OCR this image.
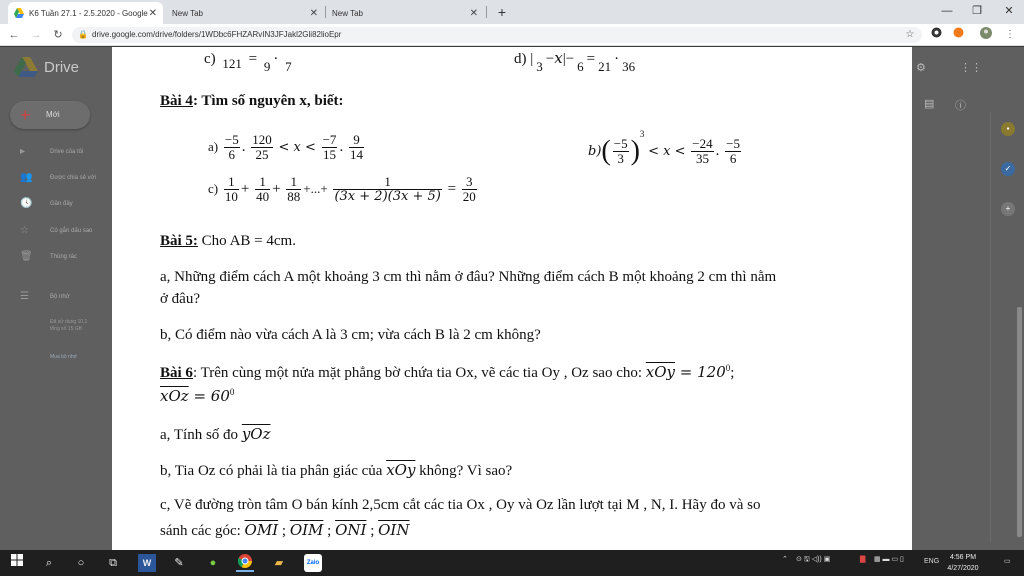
K6 Tuần 27.1 - 2.5.2020 - Google ✕ New Tab	✕ New Tab	✕	+	—	❐	✕
← →	↻	🔒 drive.google.com/drive/folders/1WDbc6FHZARvIN3JFJakl2Gli82lioEpr	☆	⋮
Drive
+ Mới
▸	Drive của tôi
👥	Được chia sẻ với
🕓	Gần đây
☆	Có gắn dấu sao
🗑	Thùng rác
☰	Bộ nhớ
Đã sử dụng 10,1
tổng số 15 GB
Mua bộ nhớ
⚙	⋮⋮
▤ ⓘ
▪
✓
+
c)
121 =
9 ·
7	d) |
3 −x|−
6 =
21 ·
36
Bài 4: Tìm số nguyên x, biết:
$a) \frac{-5}{6}$ . $\frac{120}{25} < x < \frac{-7}{15}$ . $\frac{9}{14}$	$b)( \frac{-5}{3} )^3 < x < \frac{-24}{35}$ . $\frac{-5}{6}$
$c) \frac{1}{10} + \frac{1}{40} + \frac{1}{88}$ +...+ $\frac{1}{(3x + 2)(3x + 5)} = \frac{3}{20}$
Bài 5: Cho AB = 4cm.
a, Những điểm cách A một khoảng 3 cm thì nằm ở đâu? Những điểm cách B một khoảng 2 cm thì nằm
ở đâu?
b, Có điểm nào vừa cách A là 3 cm; vừa cách B là 2 cm không?
Bài 6: Trên cùng một nửa mặt phẳng bờ chứa tia Ox, vẽ các tia Oy , Oz sao cho: $\overline{xOy} = 120^0$;
$\overline{xOz} = 60^0$
a, Tính số đo $\overline{yOz}$
b, Tia Oz có phải là tia phân giác của $\overline{xOy}$ không? Vì sao?
c, Vẽ đường tròn tâm O bán kính 2,5cm cắt các tia Ox , Oy và Oz lần lượt tại M , N, I. Hãy đo và so
sánh các góc: $\overline{OMI}$ ; $\overline{OIM}$ ; $\overline{ONI}$ ; $\overline{OIN}$
⌕	○	⧉	W	✎	●	▰	Zalo	⌃ ⊙ 🖫 ◁)) ▣	▇ ▦ ▬ ▭ ▯	ENG
4:56 PM
4/27/2020
▭
